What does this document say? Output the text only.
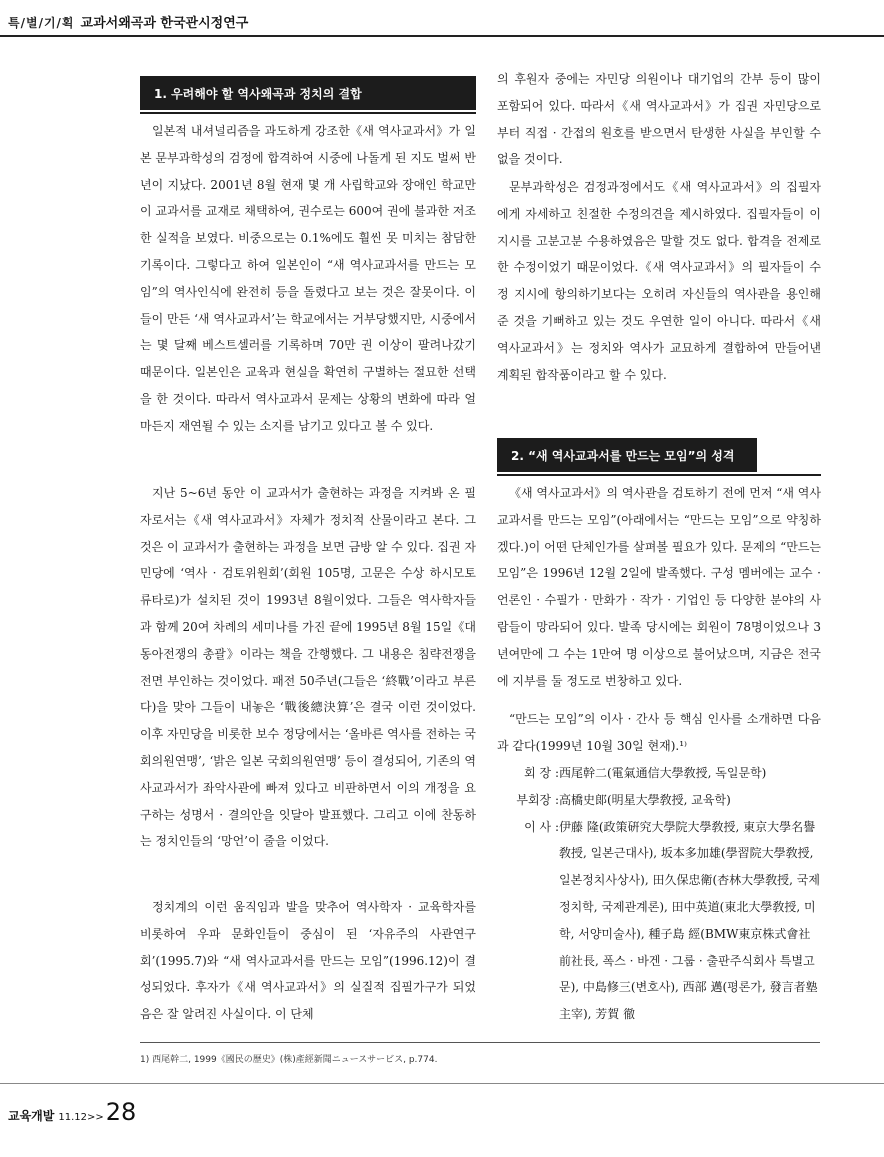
특/별/기/획 교과서왜곡과 한국관시정연구
1. 우려해야 할 역사왜곡과 정치의 결합

일본적 내셔널리즘을 과도하게 강조한《새 역사교과서》가 일본 문부과학성의 검정에 합격하여 시중에 나돌게 된 지도 벌써 반년이 지났다. 2001년 8월 현재 몇 개 사립학교와 장애인 학교만 이 교과서를 교재로 채택하여, 권수로는 600여 권에 불과한 저조한 실적을 보였다. 비중으로는 0.1%에도 훨씬 못 미치는 참담한 기록이다. 그렇다고 하여 일본인이 “새 역사교과서를 만드는 모임”의 역사인식에 완전히 등을 돌렸다고 보는 것은 잘못이다. 이들이 만든 ‘새 역사교과서’는 학교에서는 거부당했지만, 시중에서는 몇 달째 베스트셀러를 기록하며 70만 권 이상이 팔려나갔기 때문이다. 일본인은 교육과 현실을 확연히 구별하는 절묘한 선택을 한 것이다. 따라서 역사교과서 문제는 상황의 변화에 따라 얼마든지 재연될 수 있는 소지를 남기고 있다고 볼 수 있다.

지난 5~6년 동안 이 교과서가 출현하는 과정을 지켜봐 온 필자로서는《새 역사교과서》자체가 정치적 산물이라고 본다. 그것은 이 교과서가 출현하는 과정을 보면 금방 알 수 있다. 집권 자민당에 ‘역사 · 검토위원회’(회원 105명, 고문은 수상 하시모토류타로)가 설치된 것이 1993년 8월이었다. 그들은 역사학자들과 함께 20여 차례의 세미나를 가진 끝에 1995년 8월 15일《대동아전쟁의 총괄》이라는 책을 간행했다. 그 내용은 침략전쟁을 전면 부인하는 것이었다. 패전 50주년(그들은 ‘終戰’이라고 부른다)을 맞아 그들이 내놓은 ‘戰後總決算’은 결국 이런 것이었다. 이후 자민당을 비롯한 보수 정당에서는 ‘올바른 역사를 전하는 국회의원연맹’, ‘밝은 일본 국회의원연맹’ 등이 결성되어, 기존의 역사교과서가 좌악사관에 빠져 있다고 비판하면서 이의 개정을 요구하는 성명서 · 결의안을 잇달아 발표했다. 그리고 이에 찬동하는 정치인들의 ‘망언’이 줄을 이었다.

정치계의 이런 움직임과 발을 맞추어 역사학자 · 교육학자를 비롯하여 우파 문화인들이 중심이 된 ‘자유주의 사관연구회’(1995.7)와 “새 역사교과서를 만드는 모임”(1996.12)이 결성되었다. 후자가《새 역사교과서》의 실질적 집필가구가 되었음은 잘 알려진 사실이다. 이 단체

의 후원자 중에는 자민당 의원이나 대기업의 간부 등이 많이 포함되어 있다. 따라서《새 역사교과서》가 집권 자민당으로부터 직접 · 간접의 원호를 받으면서 탄생한 사실을 부인할 수 없을 것이다.

문부과학성은 검정과정에서도《새 역사교과서》의 집필자에게 자세하고 친절한 수정의견을 제시하였다. 집필자들이 이 지시를 고분고분 수용하였음은 말할 것도 없다. 합격을 전제로 한 수정이었기 때문이었다.《새 역사교과서》의 필자들이 수정 지시에 항의하기보다는 오히려 자신들의 역사관을 용인해준 것을 기뻐하고 있는 것도 우연한 일이 아니다. 따라서《새 역사교과서》는 정치와 역사가 교묘하게 결합하여 만들어낸 계획된 합작품이라고 할 수 있다.

2. “새 역사교과서를 만드는 모임”의 성격

《새 역사교과서》의 역사관을 검토하기 전에 먼저 “새 역사교과서를 만드는 모임”(아래에서는 “만드는 모임”으로 약칭하겠다.)이 어떤 단체인가를 살펴볼 필요가 있다. 문제의 “만드는 모임”은 1996년 12월 2일에 발족했다. 구성 멤버에는 교수 · 언론인 · 수필가 · 만화가 · 작가 · 기업인 등 다양한 분야의 사람들이 망라되어 있다. 발족 당시에는 회원이 78명이었으나 3년여만에 그 수는 1만여 명 이상으로 불어났으며, 지금은 전국에 지부를 둘 정도로 번창하고 있다.

“만드는 모임”의 이사 · 간사 등 핵심 인사를 소개하면 다음과 같다(1999년 10월 30일 현재).¹⁾

회 장 : 西尾幹二(電氣通信大學敎授, 독일문학)
부회장 : 高橋史郞(明星大學敎授, 교육학)
이 사 : 伊藤 隆(政策硏究大學院大學敎授, 東京大學名譽敎授, 일본근대사), 坂本多加雄(學習院大學敎授, 일본정치사상사), 田久保忠衛(杏林大學敎授, 국제정치학, 국제관계론), 田中英道(東北大學敎授, 미학, 서양미술사), 種子島 經(BMW東京株式會社前社長, 폭스 · 바겐 · 그룹 · 출판주식회사 특별고문), 中島修三(변호사), 西部 邁(평론가, 發言者塾主宰), 芳賀 徹
1) 西尾幹二, 1999《國民の歷史》(株)產經新聞ニュースサービス, p.774.
교육개발 11.12>> 28
